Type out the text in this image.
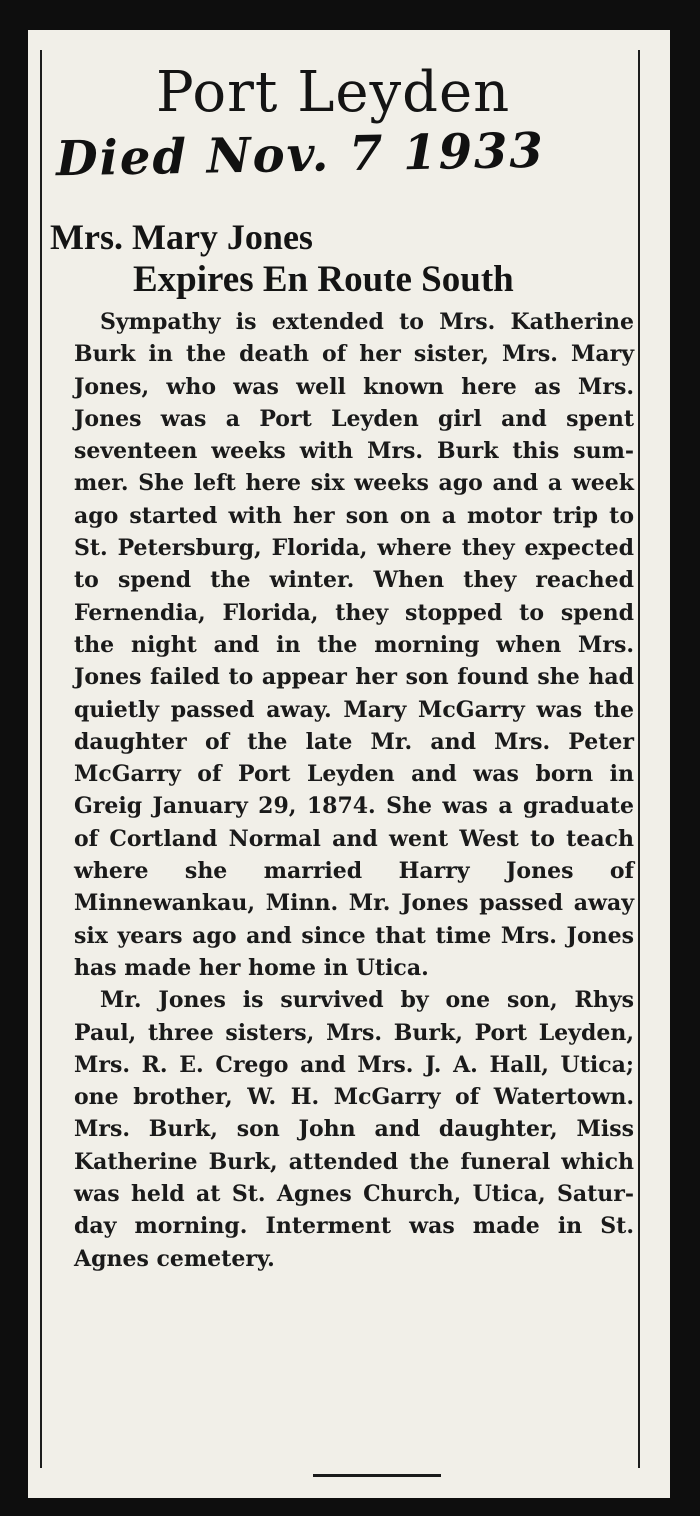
Port Leyden
Died Nov. 7 1933
Mrs. Mary Jones
Expires En Route South

Sympathy is extended to Mrs. Katherine Burk in the death of her sister, Mrs. Mary Jones, who was well known here as Mrs. Jones was a Port Leyden girl and spent seventeen weeks with Mrs. Burk this summer. She left here six weeks ago and a week ago started with her son on a motor trip to St. Petersburg, Florida, where they expected to spend the winter. When they reached Fernendia, Florida, they stopped to spend the night and in the morning when Mrs. Jones failed to appear her son found she had quietly passed away. Mary McGarry was the daughter of the late Mr. and Mrs. Peter McGarry of Port Leyden and was born in Greig January 29, 1874. She was a graduate of Cortland Normal and went West to teach where she married Harry Jones of Minnewankau, Minn. Mr. Jones passed away six years ago and since that time Mrs. Jones has made her home in Utica.

Mr. Jones is survived by one son, Rhys Paul, three sisters, Mrs. Burk, Port Leyden, Mrs. R. E. Crego and Mrs. J. A. Hall, Utica; one brother, W. H. McGarry of Watertown. Mrs. Burk, son John and daughter, Miss Katherine Burk, attended the funeral which was held at St. Agnes Church, Utica, Saturday morning. Interment was made in St. Agnes cemetery.
